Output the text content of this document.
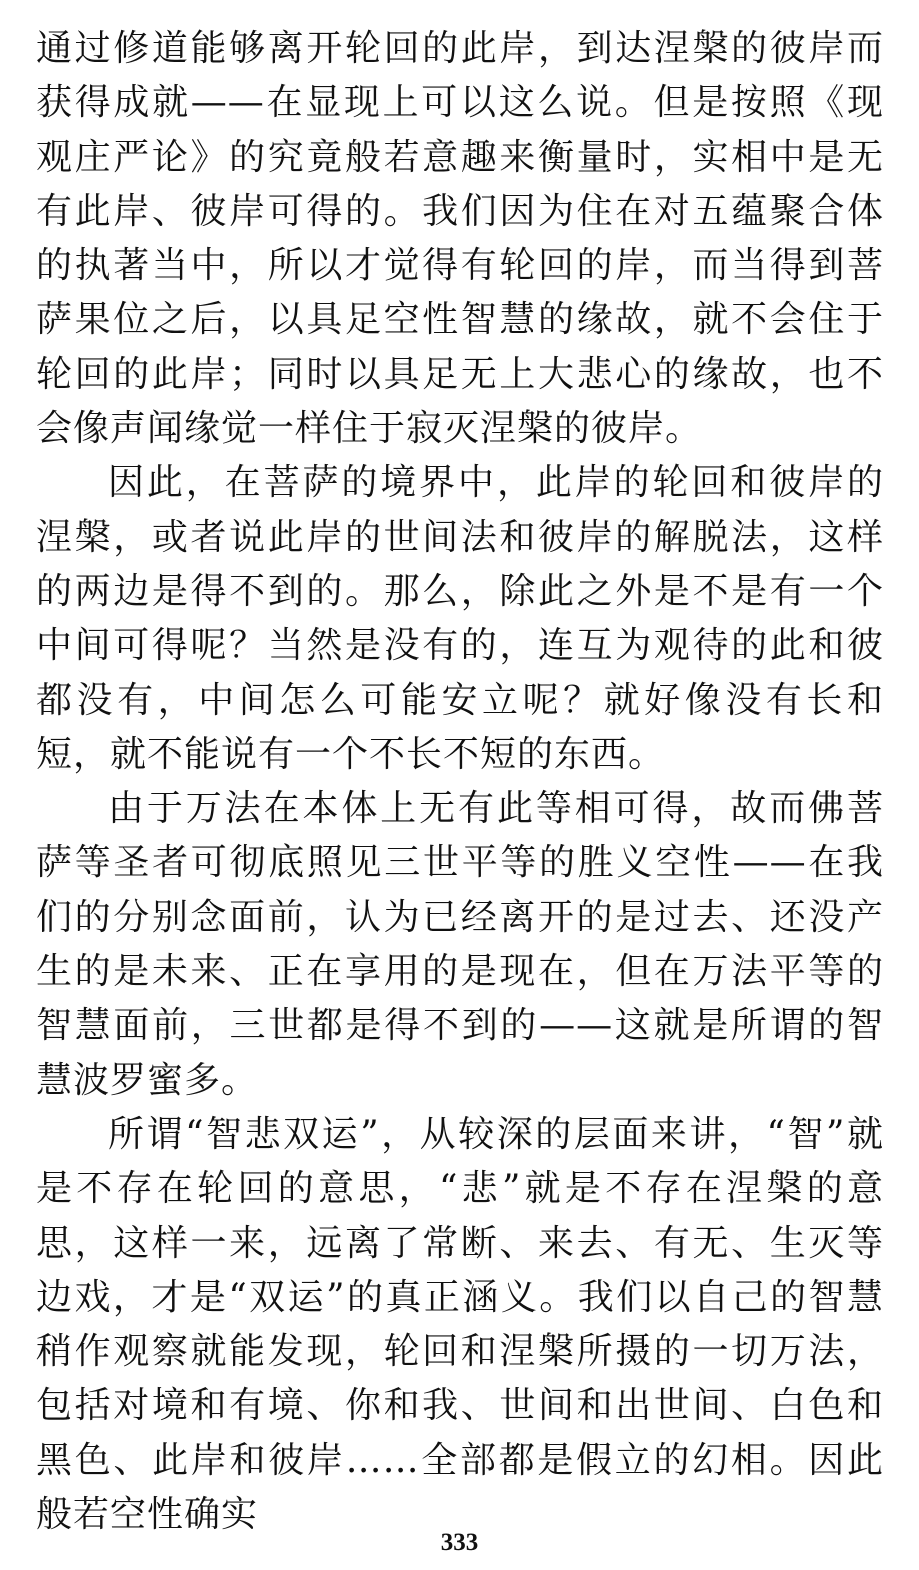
通过修道能够离开轮回的此岸，到达涅槃的彼岸而获得成就——在显现上可以这么说。但是按照《现观庄严论》的究竟般若意趣来衡量时，实相中是无有此岸、彼岸可得的。我们因为住在对五蕴聚合体的执著当中，所以才觉得有轮回的岸，而当得到菩萨果位之后，以具足空性智慧的缘故，就不会住于轮回的此岸；同时以具足无上大悲心的缘故，也不会像声闻缘觉一样住于寂灭涅槃的彼岸。

因此，在菩萨的境界中，此岸的轮回和彼岸的涅槃，或者说此岸的世间法和彼岸的解脱法，这样的两边是得不到的。那么，除此之外是不是有一个中间可得呢？当然是没有的，连互为观待的此和彼都没有，中间怎么可能安立呢？就好像没有长和短，就不能说有一个不长不短的东西。

由于万法在本体上无有此等相可得，故而佛菩萨等圣者可彻底照见三世平等的胜义空性——在我们的分别念面前，认为已经离开的是过去、还没产生的是未来、正在享用的是现在，但在万法平等的智慧面前，三世都是得不到的——这就是所谓的智慧波罗蜜多。

所谓“智悲双运”，从较深的层面来讲，“智”就是不存在轮回的意思，“悲”就是不存在涅槃的意思，这样一来，远离了常断、来去、有无、生灭等边戏，才是“双运”的真正涵义。我们以自己的智慧稍作观察就能发现，轮回和涅槃所摄的一切万法，包括对境和有境、你和我、世间和出世间、白色和黑色、此岸和彼岸……全部都是假立的幻相。因此般若空性确实

333
